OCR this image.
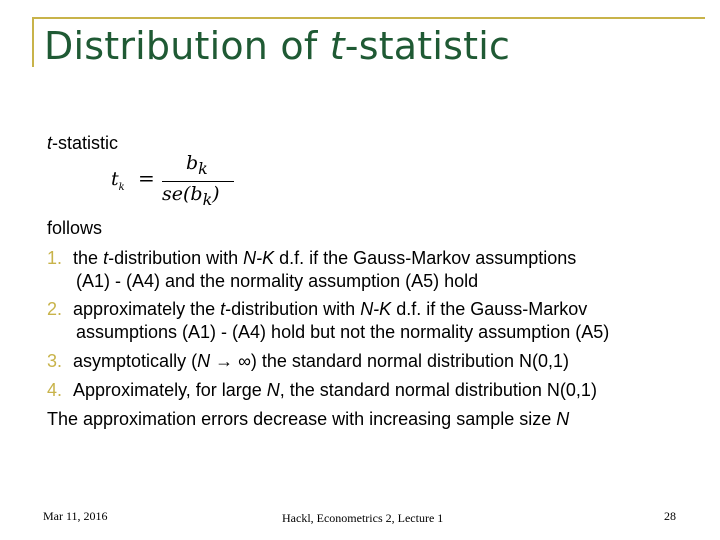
Distribution of t-statistic
t-statistic
$t_k$ =
$b_k$
$se(b_k)$
follows
1. the t-distribution with N-K d.f. if the Gauss-Markov assumptions
(A1) - (A4) and the normality assumption (A5) hold
2. approximately the t-distribution with N-K d.f. if the Gauss-Markov
assumptions (A1) - (A4) hold but not the normality assumption (A5)
3. asymptotically (N → ∞) the standard normal distribution N(0,1)
4. Approximately, for large N, the standard normal distribution N(0,1)
The approximation errors decrease with increasing sample size N
Mar 11, 2016	Hackl, Econometrics 2, Lecture 1	28
